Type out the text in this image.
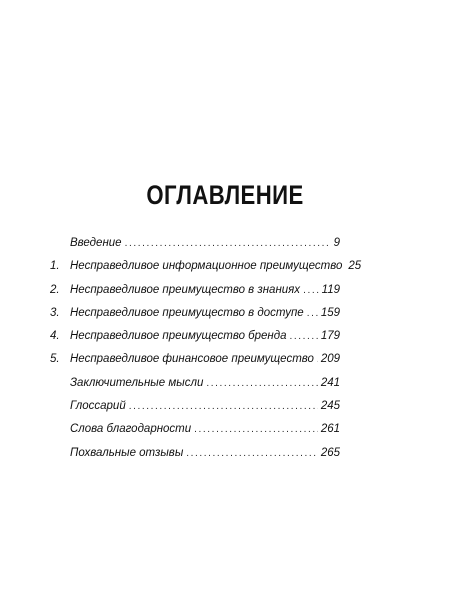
ОГЛАВЛЕНИЕ
Введение .....	9
1. Несправедливое информационное преимущество 25
2. Несправедливое преимущество в знаниях ..... 119
3. Несправедливое преимущество в доступе ..... 159
4. Несправедливое преимущество бренда .....	179
5. Несправедливое финансовое преимущество ..... 209
Заключительные мысли .....	241
Глоссарий .....	245
Слова благодарности .....	261
Похвальные отзывы .....	265
